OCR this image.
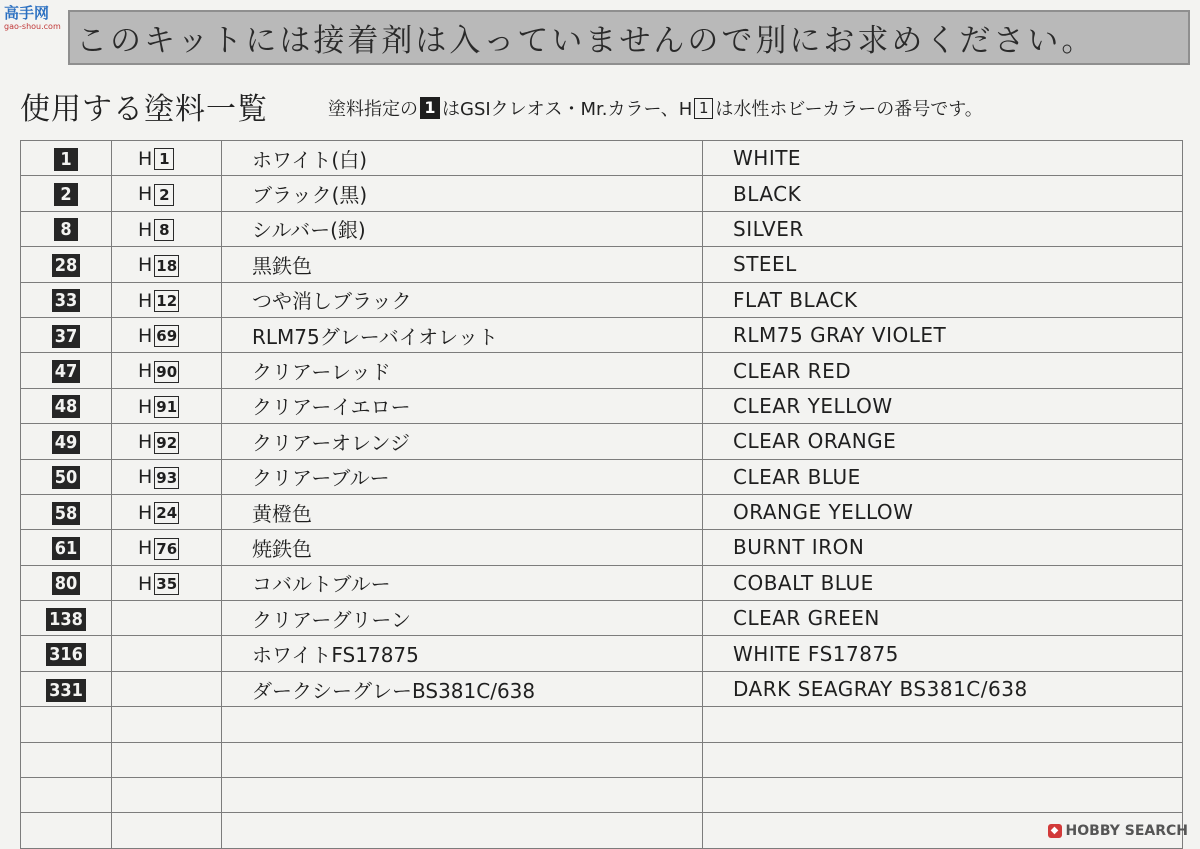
高手网
gao-shou.com このキットには接着剤は入っていませんので別にお求めください。
使用する塗料一覧	塗料指定の 1 はGSIクレオス・Mr.カラー、H 1 は水性ホビーカラーの番号です。
1	H 1	ホワイト(白)	WHITE
2	H 2	ブラック(黒)	BLACK
8	H 8	シルバー(銀)	SILVER
28	H 18	黒鉄色	STEEL
33	H 12	つや消しブラック	FLAT BLACK
37	H 69	RLM75グレーバイオレット	RLM75 GRAY VIOLET
47	H 90	クリアーレッド	CLEAR RED
48	H 91	クリアーイエロー	CLEAR YELLOW
49	H 92	クリアーオレンジ	CLEAR ORANGE
50	H 93	クリアーブルー	CLEAR BLUE
58	H 24	黄橙色	ORANGE YELLOW
61	H 76	焼鉄色	BURNT IRON
80	H 35	コバルトブルー	COBALT BLUE
138		クリアーグリーン	CLEAR GREEN
316		ホワイトFS17875	WHITE FS17875
331		ダークシーグレーBS381C/638	DARK SEAGRAY BS381C/638

◆ HOBBY SEARCH
